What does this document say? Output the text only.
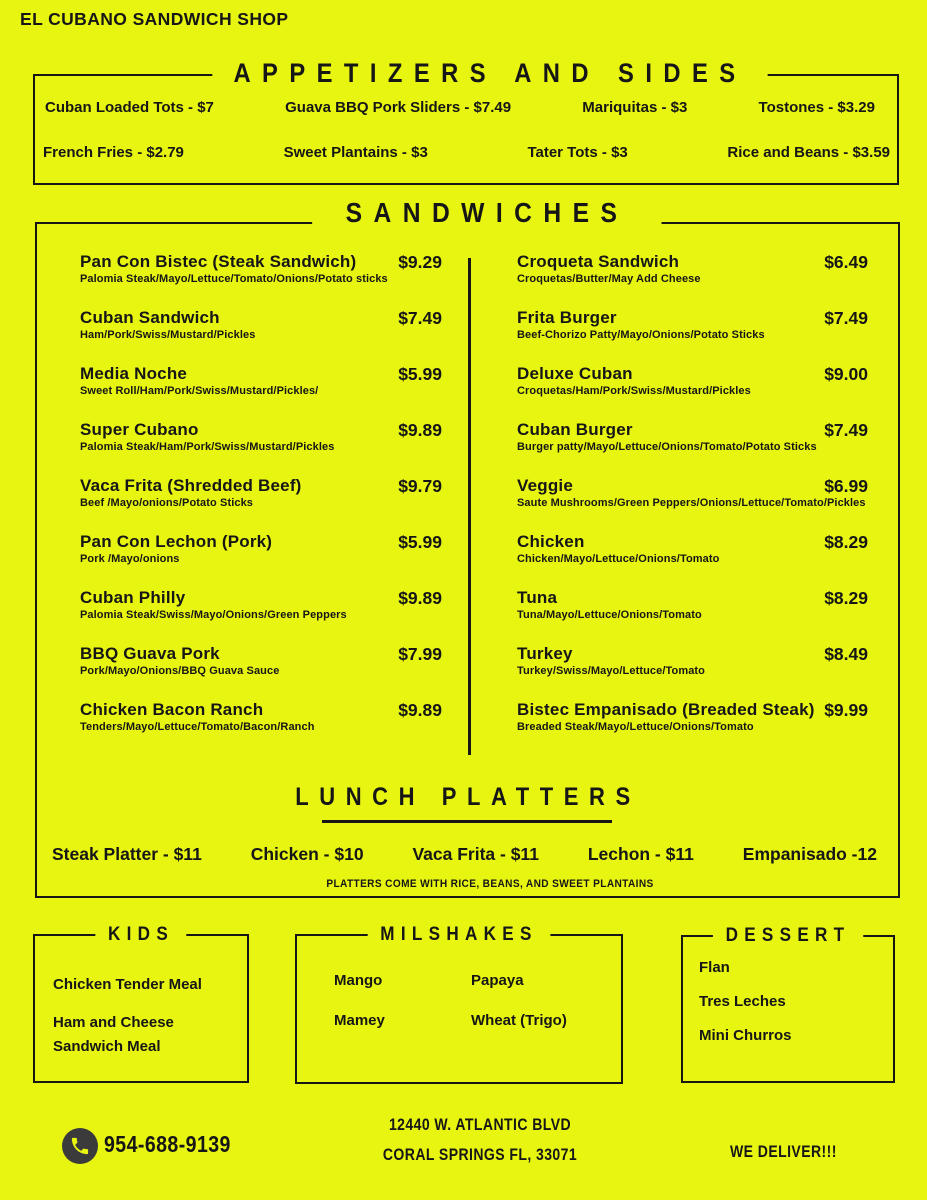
EL CUBANO SANDWICH SHOP
APPETIZERS AND SIDES
Cuban Loaded Tots - $7	Guava BBQ Pork Sliders - $7.49	Mariquitas - $3	Tostones - $3.29
French Fries - $2.79	Sweet Plantains - $3	Tater Tots - $3	Rice and Beans - $3.59
SANDWICHES
Pan Con Bistec (Steak Sandwich)
Palomia Steak/Mayo/Lettuce/Tomato/Onions/Potato sticks
$9.29
Cuban Sandwich
Ham/Pork/Swiss/Mustard/Pickles
$7.49
Media Noche
Sweet Roll/Ham/Pork/Swiss/Mustard/Pickles/
$5.99
Super Cubano
Palomia Steak/Ham/Pork/Swiss/Mustard/Pickles
$9.89
Vaca Frita (Shredded Beef)
Beef /Mayo/onions/Potato Sticks
$9.79
Pan Con Lechon (Pork)
Pork /Mayo/onions
$5.99
Cuban Philly
Palomia Steak/Swiss/Mayo/Onions/Green Peppers
$9.89
BBQ Guava Pork
Pork/Mayo/Onions/BBQ Guava Sauce
$7.99
Chicken Bacon Ranch
Tenders/Mayo/Lettuce/Tomato/Bacon/Ranch
$9.89
Croqueta Sandwich
Croquetas/Butter/May Add Cheese
$6.49
Frita Burger
Beef-Chorizo Patty/Mayo/Onions/Potato Sticks
$7.49
Deluxe Cuban
Croquetas/Ham/Pork/Swiss/Mustard/Pickles
$9.00
Cuban Burger
Burger patty/Mayo/Lettuce/Onions/Tomato/Potato Sticks
$7.49
Veggie
Saute Mushrooms/Green Peppers/Onions/Lettuce/Tomato/Pickles
$6.99
Chicken
Chicken/Mayo/Lettuce/Onions/Tomato
$8.29
Tuna
Tuna/Mayo/Lettuce/Onions/Tomato
$8.29
Turkey
Turkey/Swiss/Mayo/Lettuce/Tomato
$8.49
Bistec Empanisado (Breaded Steak)
Breaded Steak/Mayo/Lettuce/Onions/Tomato
$9.99
LUNCH PLATTERS
Steak Platter - $11	Chicken - $10	Vaca Frita - $11	Lechon - $11	Empanisado -12
PLATTERS COME WITH RICE, BEANS, AND SWEET PLANTAINS
KIDS
Chicken Tender Meal
Ham and Cheese Sandwich Meal
MILSHAKES
Mango	Papaya
Mamey	Wheat (Trigo)
DESSERT
Flan
Tres Leches
Mini Churros
954-688-9139
12440 W. ATLANTIC BLVD
CORAL SPRINGS FL, 33071	WE DELIVER!!!
